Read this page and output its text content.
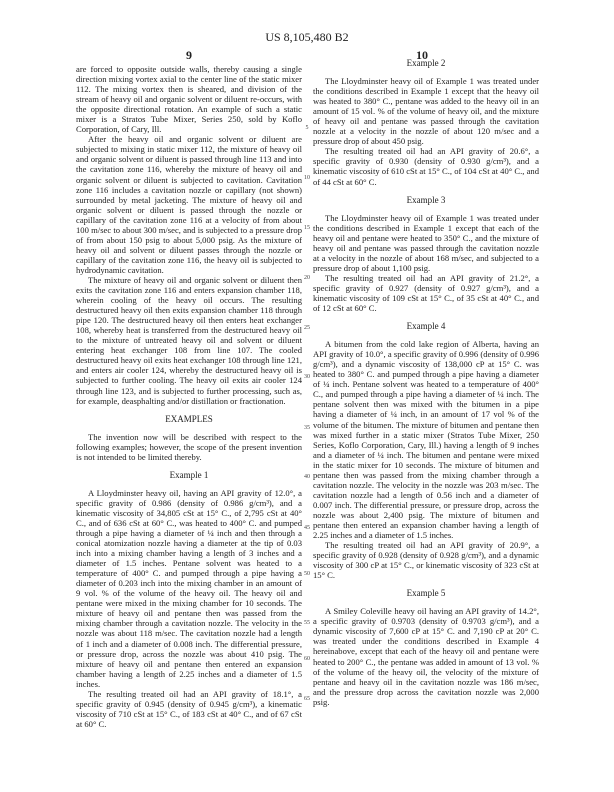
US 8,105,480 B2
9	10

are forced to opposite outside walls, thereby causing a single direction mixing vortex axial to the center line of the static mixer 112. The mixing vortex then is sheared, and division of the stream of heavy oil and organic solvent or diluent re-occurs, with the opposite directional rotation. An example of such a static mixer is a Stratos Tube Mixer, Series 250, sold by Koflo Corporation, of Cary, Ill.

After the heavy oil and organic solvent or diluent are subjected to mixing in static mixer 112, the mixture of heavy oil and organic solvent or diluent is passed through line 113 and into the cavitation zone 116, whereby the mixture of heavy oil and organic solvent or diluent is subjected to cavitation. Cavitation zone 116 includes a cavitation nozzle or capillary (not shown) surrounded by metal jacketing. The mixture of heavy oil and organic solvent or diluent is passed through the nozzle or capillary of the cavitation zone 116 at a velocity of from about 100 m/sec to about 300 m/sec, and is subjected to a pressure drop of from about 150 psig to about 5,000 psig. As the mixture of heavy oil and solvent or diluent passes through the nozzle or capillary of the cavitation zone 116, the heavy oil is subjected to hydrodynamic cavitation.

The mixture of heavy oil and organic solvent or diluent then exits the cavitation zone 116 and enters expansion chamber 118, wherein cooling of the heavy oil occurs. The resulting destructured heavy oil then exits expansion chamber 118 through pipe 120. The destructured heavy oil then enters heat exchanger 108, whereby heat is transferred from the destructured heavy oil to the mixture of untreated heavy oil and solvent or diluent entering heat exchanger 108 from line 107. The cooled destructured heavy oil exits heat exchanger 108 through line 121, and enters air cooler 124, whereby the destructured heavy oil is subjected to further cooling. The heavy oil exits air cooler 124 through line 123, and is subjected to further processing, such as, for example, deasphalting and/or distillation or fractionation.

EXAMPLES

The invention now will be described with respect to the following examples; however, the scope of the present invention is not intended to be limited thereby.

Example 1

A Lloydminster heavy oil, having an API gravity of 12.0°, a specific gravity of 0.986 (density of 0.986 g/cm³), and a kinematic viscosity of 34,805 cSt at 15° C., of 2,795 cSt at 40° C., and of 636 cSt at 60° C., was heated to 400° C. and pumped through a pipe having a diameter of ¼ inch and then through a conical atomization nozzle having a diameter at the tip of 0.03 inch into a mixing chamber having a length of 3 inches and a diameter of 1.5 inches. Pentane solvent was heated to a temperature of 400° C. and pumped through a pipe having a diameter of 0.203 inch into the mixing chamber in an amount of 9 vol. % of the volume of the heavy oil. The heavy oil and pentane were mixed in the mixing chamber for 10 seconds. The mixture of heavy oil and pentane then was passed from the mixing chamber through a cavitation nozzle. The velocity in the nozzle was about 118 m/sec. The cavitation nozzle had a length of 1 inch and a diameter of 0.008 inch. The differential pressure, or pressure drop, across the nozzle was about 410 psig. The mixture of heavy oil and pentane then entered an expansion chamber having a length of 2.25 inches and a diameter of 1.5 inches.

The resulting treated oil had an API gravity of 18.1°, a specific gravity of 0.945 (density of 0.945 g/cm³), a kinematic viscosity of 710 cSt at 15° C., of 183 cSt at 40° C., and of 67 cSt at 60° C.

Example 2

The Lloydminster heavy oil of Example 1 was treated under the conditions described in Example 1 except that the heavy oil was heated to 380° C., pentane was added to the heavy oil in an amount of 15 vol. % of the volume of heavy oil, and the mixture of heavy oil and pentane was passed through the cavitation nozzle at a velocity in the nozzle of about 120 m/sec and a pressure drop of about 450 psig.

The resulting treated oil had an API gravity of 20.6°, a specific gravity of 0.930 (density of 0.930 g/cm³), and a kinematic viscosity of 610 cSt at 15° C., of 104 cSt at 40° C., and of 44 cSt at 60° C.

Example 3

The Lloydminster heavy oil of Example 1 was treated under the conditions described in Example 1 except that each of the heavy oil and pentane were heated to 350° C., and the mixture of heavy oil and pentane was passed through the cavitation nozzle at a velocity in the nozzle of about 168 m/sec, and subjected to a pressure drop of about 1,100 psig.

The resulting treated oil had an API gravity of 21.2°, a specific gravity of 0.927 (density of 0.927 g/cm³), and a kinematic viscosity of 109 cSt at 15° C., of 35 cSt at 40° C., and of 12 cSt at 60° C.

Example 4

A bitumen from the cold lake region of Alberta, having an API gravity of 10.0°, a specific gravity of 0.996 (density of 0.996 g/cm³), and a dynamic viscosity of 138,000 cP at 15° C. was heated to 380° C. and pumped through a pipe having a diameter of ¼ inch. Pentane solvent was heated to a temperature of 400° C., and pumped through a pipe having a diameter of ¼ inch. The pentane solvent then was mixed with the bitumen in a pipe having a diameter of ¼ inch, in an amount of 17 vol % of the volume of the bitumen. The mixture of bitumen and pentane then was mixed further in a static mixer (Stratos Tube Mixer, 250 Series, Koflo Corporation, Cary, Ill.) having a length of 9 inches and a diameter of ¼ inch. The bitumen and pentane were mixed in the static mixer for 10 seconds. The mixture of bitumen and pentane then was passed from the mixing chamber through a cavitation nozzle. The velocity in the nozzle was 203 m/sec. The cavitation nozzle had a length of 0.56 inch and a diameter of 0.007 inch. The differential pressure, or pressure drop, across the nozzle was about 2,400 psig. The mixture of bitumen and pentane then entered an expansion chamber having a length of 2.25 inches and a diameter of 1.5 inches.

The resulting treated oil had an API gravity of 20.9°, a specific gravity of 0.928 (density of 0.928 g/cm³), and a dynamic viscosity of 300 cP at 15° C., or kinematic viscosity of 323 cSt at 15° C.

Example 5

A Smiley Coleville heavy oil having an API gravity of 14.2°, a specific gravity of 0.9703 (density of 0.9703 g/cm³), and a dynamic viscosity of 7,600 cP at 15° C. and 7,190 cP at 20° C. was treated under the conditions described in Example 4 hereinabove, except that each of the heavy oil and pentane were heated to 200° C., the pentane was added in amount of 13 vol. % of the volume of the heavy oil, the velocity of the mixture of pentane and heavy oil in the cavitation nozzle was 186 m/sec, and the pressure drop across the cavitation nozzle was 2,000 psig.

5
10
15
20
25
30
35
40
45
50
55
60
65
